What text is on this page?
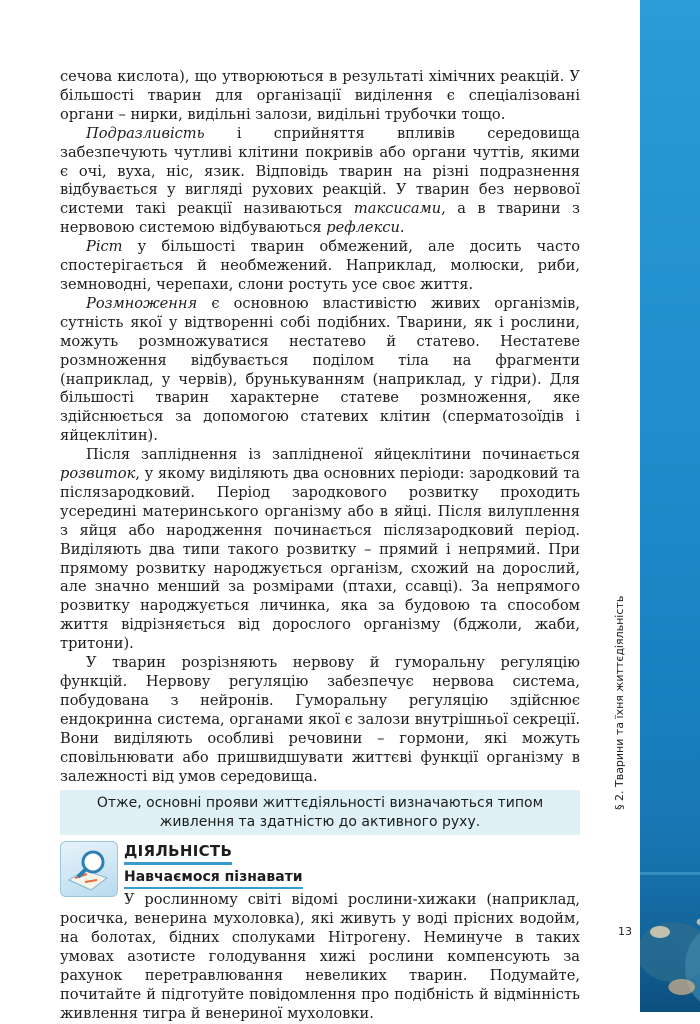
сечова кислота), що утворюються в результаті хімічних реакцій. У більшості тварин для організації виділення є спеціалізовані органи – нирки, видільні залози, видільні трубочки тощо.

Подразливість і сприйняття впливів середовища забезпечують чутливі клітини покривів або органи чуттів, якими є очі, вуха, ніс, язик. Відповідь тварин на різні подразнення відбувається у вигляді рухових реакцій. У тварин без нервової системи такі реакції називаються таксисами, а в тварини з нервовою системою відбуваються рефлекси.

Ріст у більшості тварин обмежений, але досить часто спостерігається й необмежений. Наприклад, молюски, риби, земноводні, черепахи, слони ростуть усе своє життя.

Розмноження є основною властивістю живих організмів, сутність якої у відтворенні собі подібних. Тварини, як і рослини, можуть розмножуватися нестатево й статево. Нестатеве розмноження відбувається поділом тіла на фрагменти (наприклад, у червів), брунькуванням (наприклад, у гідри). Для більшості тварин характерне статеве розмноження, яке здійснюється за допомогою статевих клітин (сперматозоїдів і яйцеклітин).

Після запліднення із заплідненої яйцеклітини починається розвиток, у якому виділяють два основних періоди: зародковий та післязародковий. Період зародкового розвитку проходить усередині материнського організму або в яйці. Після вилуплення з яйця або народження починається післязародковий період. Виділяють два типи такого розвитку – прямий і непрямий. При прямому розвитку народжується організм, схожий на дорослий, але значно менший за розмірами (птахи, ссавці). За непрямого розвитку народжується личинка, яка за будовою та способом життя відрізняється від дорослого організму (бджоли, жаби, тритони).

У тварин розрізняють нервову й гуморальну регуляцію функцій. Нервову регуляцію забезпечує нервова система, побудована з нейронів. Гуморальну регуляцію здійснює ендокринна система, органами якої є залози внутрішньої секреції. Вони виділяють особливі речовини – гормони, які можуть сповільнювати або пришвидшувати життєві функції організму в залежності від умов середовища.

Отже, основні прояви життєдіяльності визначаються типом живлення та здатністю до активного руху.
ДІЯЛЬНІСТЬ
Навчаємося пізнавати

У рослинному світі відомі рослини-хижаки (наприклад, росичка, венерина мухоловка), які живуть у воді прісних водойм, на болотах, бідних сполуками Нітрогену. Неминуче в таких умовах азотисте голодування хижі рослини компенсують за рахунок перетравлювання невеликих тварин. Подумайте, почитайте й підготуйте повідомлення про подібність й відмінність живлення тигра й венериної мухоловки.

§ 2. Тварини та їхня життєдіяльність
13
